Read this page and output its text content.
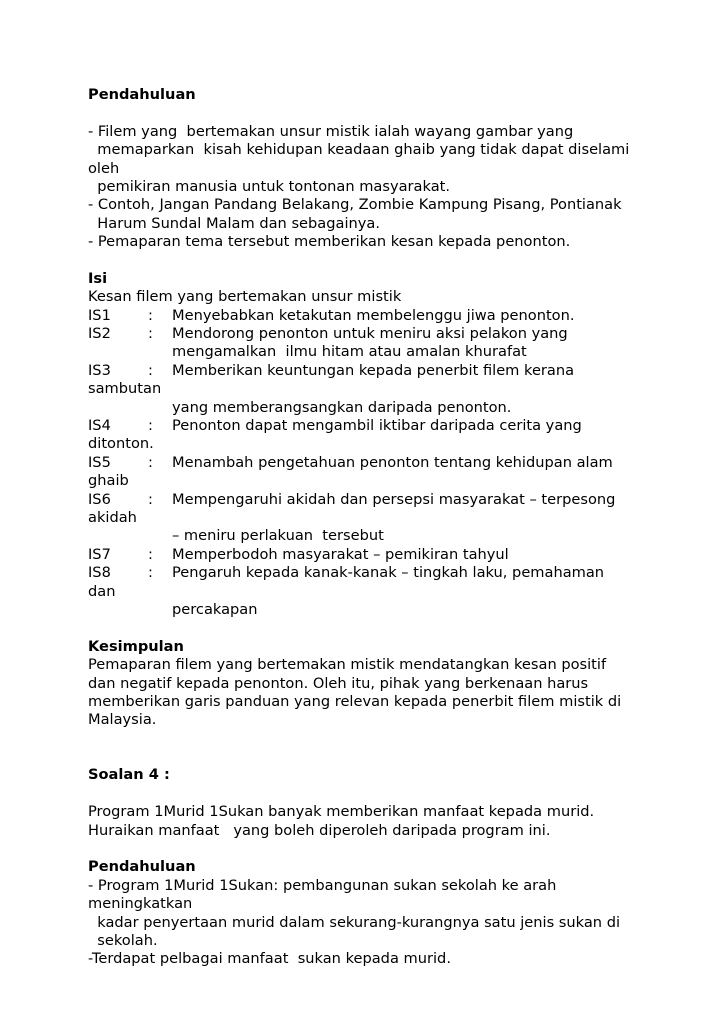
Pendahuluan
- Filem yang  bertemakan unsur mistik ialah wayang gambar yang
memaparkan  kisah kehidupan keadaan ghaib yang tidak dapat diselami
oleh
pemikiran manusia untuk tontonan masyarakat.
- Contoh, Jangan Pandang Belakang, Zombie Kampung Pisang, Pontianak
Harum Sundal Malam dan sebagainya.
- Pemaparan tema tersebut memberikan kesan kepada penonton.
Isi
Kesan filem yang bertemakan unsur mistik
IS1	:	Menyebabkan ketakutan membelenggu jiwa penonton.
IS2	:	Mendorong penonton untuk meniru aksi pelakon yang
mengamalkan  ilmu hitam atau amalan khurafat
IS3	:	Memberikan keuntungan kepada penerbit filem kerana
sambutan
yang memberangsangkan daripada penonton.
IS4	:	Penonton dapat mengambil iktibar daripada cerita yang
ditonton.
IS5	:	Menambah pengetahuan penonton tentang kehidupan alam
ghaib
IS6	:	Mempengaruhi akidah dan persepsi masyarakat – terpesong
akidah
– meniru perlakuan  tersebut
IS7	:	Memperbodoh masyarakat – pemikiran tahyul
IS8	:	Pengaruh kepada kanak-kanak – tingkah laku, pemahaman
dan
percakapan
Kesimpulan
Pemaparan filem yang bertemakan mistik mendatangkan kesan positif
dan negatif kepada penonton. Oleh itu, pihak yang berkenaan harus
memberikan garis panduan yang relevan kepada penerbit filem mistik di
Malaysia.
Soalan 4 :
Program 1Murid 1Sukan banyak memberikan manfaat kepada murid.
Huraikan manfaat   yang boleh diperoleh daripada program ini.
Pendahuluan
- Program 1Murid 1Sukan: pembangunan sukan sekolah ke arah
meningkatkan
kadar penyertaan murid dalam sekurang-kurangnya satu jenis sukan di
sekolah.
-Terdapat pelbagai manfaat  sukan kepada murid.
